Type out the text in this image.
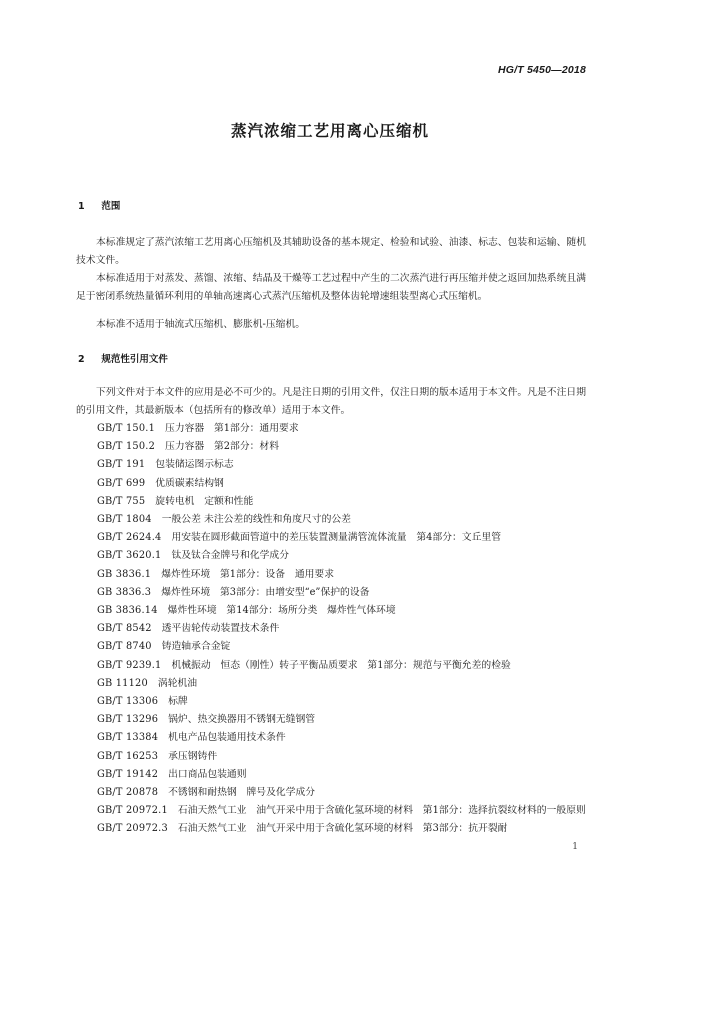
HG/T 5450—2018
蒸汽浓缩工艺用离心压缩机
1 范围

本标准规定了蒸汽浓缩工艺用离心压缩机及其辅助设备的基本规定、检验和试验、油漆、标志、包装和运输、随机技术文件。

本标准适用于对蒸发、蒸馏、浓缩、结晶及干燥等工艺过程中产生的二次蒸汽进行再压缩并使之返回加热系统且满足于密闭系统热量循环利用的单轴高速离心式蒸汽压缩机及整体齿轮增速组装型离心式压缩机。

本标准不适用于轴流式压缩机、膨胀机-压缩机。

2 规范性引用文件

下列文件对于本文件的应用是必不可少的。凡是注日期的引用文件，仅注日期的版本适用于本文件。凡是不注日期的引用文件，其最新版本（包括所有的修改单）适用于本文件。

GB/T 150.1 压力容器　第1部分：通用要求
GB/T 150.2 压力容器　第2部分：材料
GB/T 191 包装储运图示标志
GB/T 699 优质碳素结构钢
GB/T 755 旋转电机　定额和性能
GB/T 1804 一般公差 未注公差的线性和角度尺寸的公差
GB/T 2624.4 用安装在圆形截面管道中的差压装置测量满管流体流量　第4部分：文丘里管
GB/T 3620.1 钛及钛合金牌号和化学成分
GB 3836.1 爆炸性环境　第1部分：设备　通用要求
GB 3836.3 爆炸性环境　第3部分：由增安型“e”保护的设备
GB 3836.14 爆炸性环境　第14部分：场所分类　爆炸性气体环境
GB/T 8542 透平齿轮传动装置技术条件
GB/T 8740 铸造轴承合金锭
GB/T 9239.1 机械振动　恒态（刚性）转子平衡品质要求　第1部分：规范与平衡允差的检验
GB 11120 涡轮机油
GB/T 13306 标牌
GB/T 13296 锅炉、热交换器用不锈钢无缝钢管
GB/T 13384 机电产品包装通用技术条件
GB/T 16253 承压钢铸件
GB/T 19142 出口商品包装通则
GB/T 20878 不锈钢和耐热钢　牌号及化学成分
GB/T 20972.1 石油天然气工业　油气开采中用于含硫化氢环境的材料　第1部分：选择抗裂纹材料的一般原则
GB/T 20972.3 石油天然气工业　油气开采中用于含硫化氢环境的材料　第3部分：抗开裂耐
1
